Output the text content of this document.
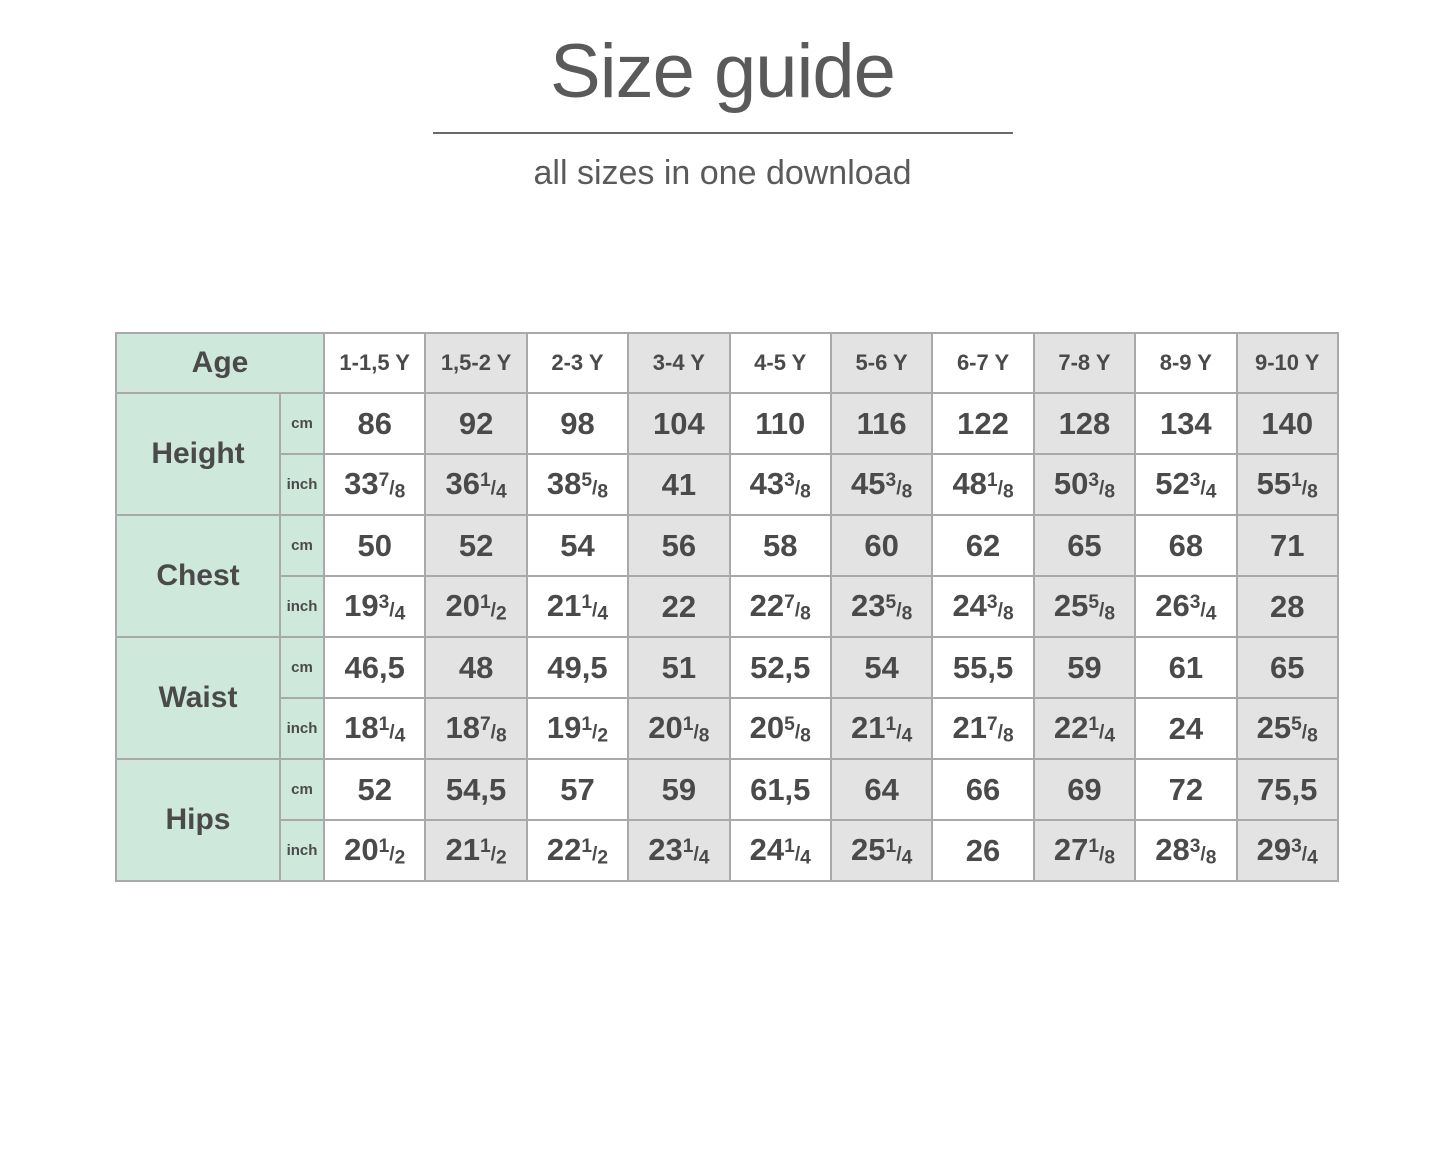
Size guide
all sizes in one download
Age		1-1,5 Y	1,5-2 Y	2-3 Y	3-4 Y	4-5 Y	5-6 Y	6-7 Y	7-8 Y	8-9 Y	9-10 Y
Height	cm	86	92	98	104	110	116	122	128	134	140
	inch	$33^7/_8$	$36^1/_4$	$38^5/_8$	41	$43^3/_8$	$45^3/_8$	$48^1/_8$	$50^3/_8$	$52^3/_4$	$55^1/_8$
Chest	cm	50	52	54	56	58	60	62	65	68	71
	inch	$19^3/_4$	$20^1/_2$	$21^1/_4$	22	$22^7/_8$	$23^5/_8$	$24^3/_8$	$25^5/_8$	$26^3/_4$	28
Waist	cm	46,5	48	49,5	51	52,5	54	55,5	59	61	65
	inch	$18^1/_4$	$18^7/_8$	$19^1/_2$	$20^1/_8$	$20^5/_8$	$21^1/_4$	$21^7/_8$	$22^1/_4$	24	$25^5/_8$
Hips	cm	52	54,5	57	59	61,5	64	66	69	72	75,5
	inch	$20^1/_2$	$21^1/_2$	$22^1/_2$	$23^1/_4$	$24^1/_4$	$25^1/_4$	26	$27^1/_8$	$28^3/_8$	$29^3/_4$
